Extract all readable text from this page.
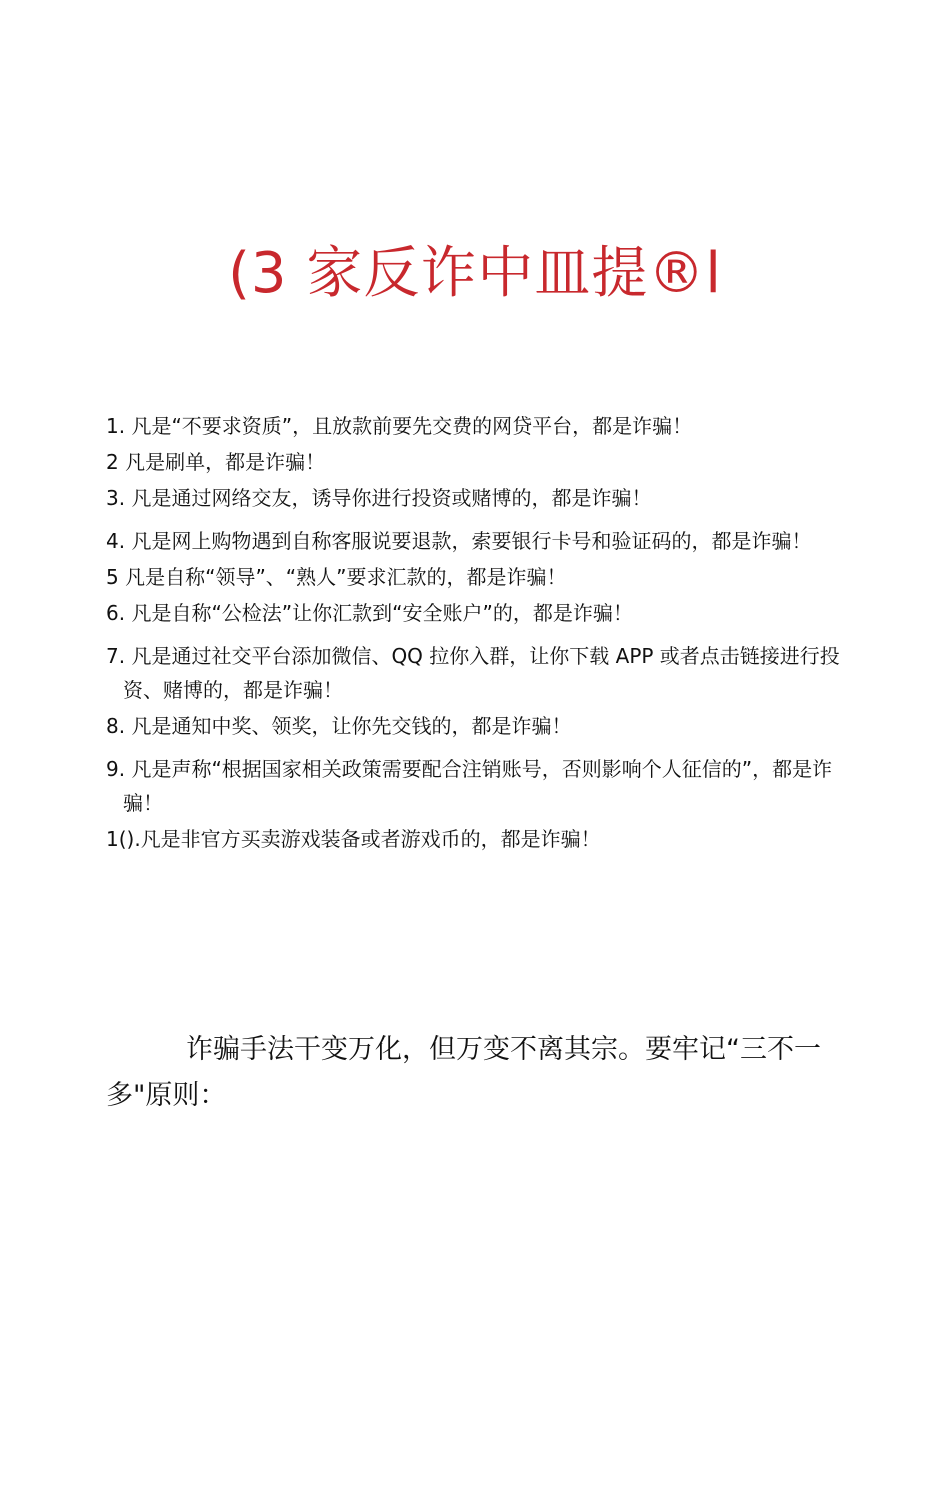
(3 家反诈中皿提®l
1. 凡是“不要求资质”，且放款前要先交费的网贷平台，都是诈骗！
2 凡是刷单，都是诈骗！
3. 凡是通过网络交友，诱导你进行投资或赌博的，都是诈骗！
4. 凡是网上购物遇到自称客服说要退款，索要银行卡号和验证码的，都是诈骗！
5 凡是自称“领导”、“熟人”要求汇款的，都是诈骗！
6. 凡是自称“公检法”让你汇款到“安全账户”的，都是诈骗！
7. 凡是通过社交平台添加微信、QQ 拉你入群，让你下载 APP 或者点击链接进行投资、赌博的，都是诈骗！
8. 凡是通知中奖、领奖，让你先交钱的，都是诈骗！
9. 凡是声称“根据国家相关政策需要配合注销账号，否则影响个人征信的”，都是诈骗！
1().凡是非官方买卖游戏装备或者游戏币的，都是诈骗！

诈骗手法干变万化，但万变不离其宗。要牢记“三不一多"原则：
